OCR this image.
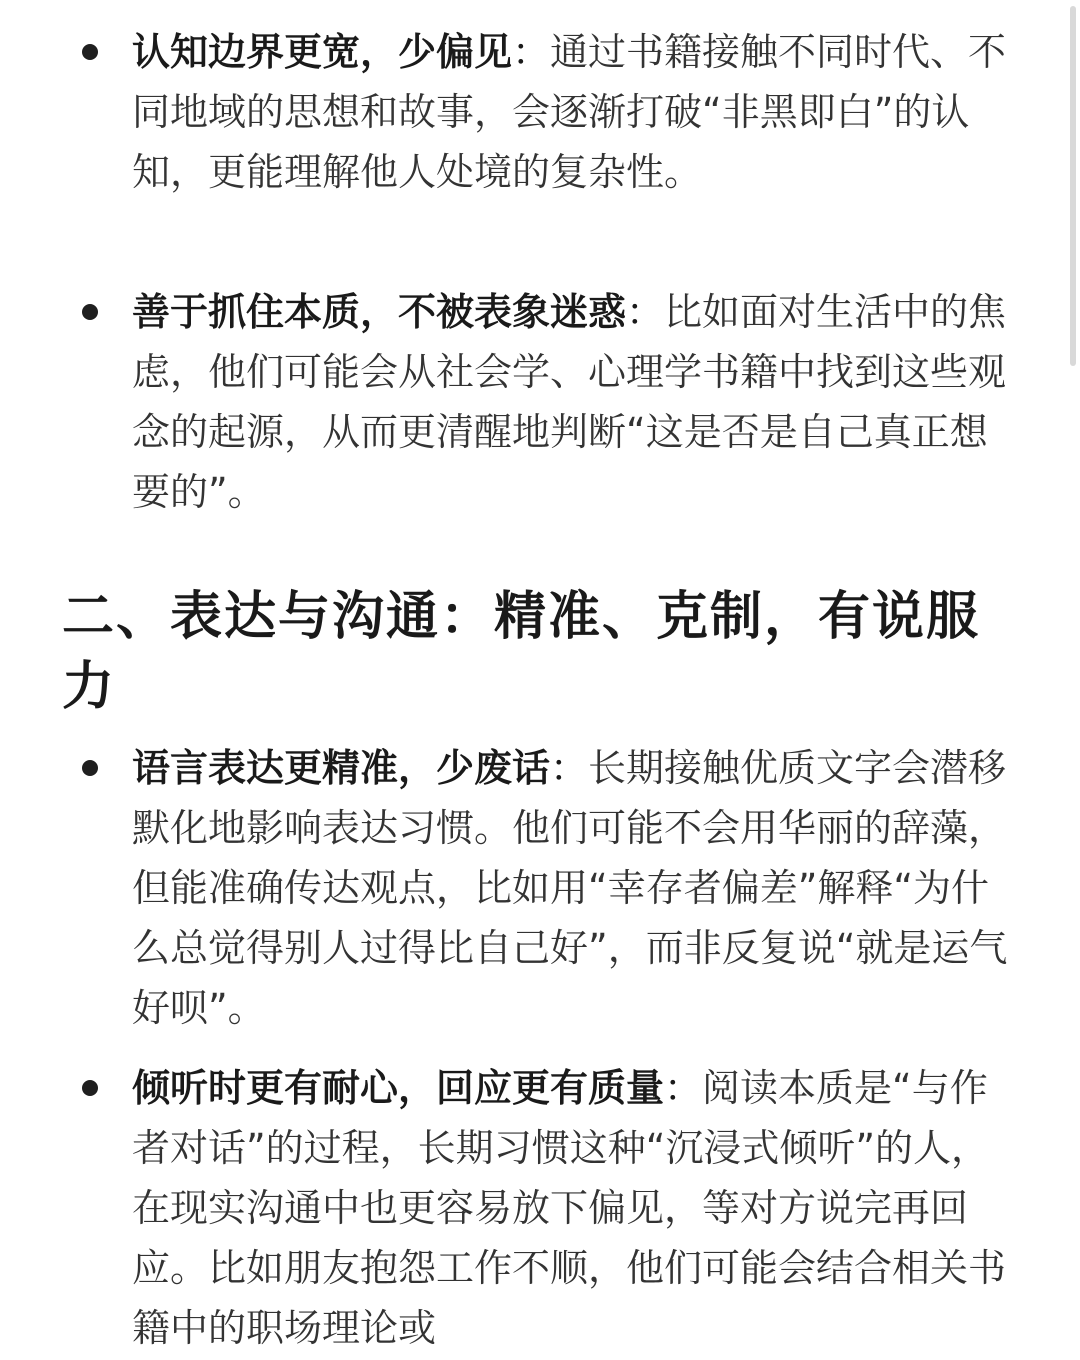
认知边界更宽，少偏见：通过书籍接触不同时代、不同地域的思想和故事，会逐渐打破“非黑即白”的认知，更能理解他人处境的复杂性。
善于抓住本质，不被表象迷惑：比如面对生活中的焦虑，他们可能会从社会学、心理学书籍中找到这些观念的起源，从而更清醒地判断“这是否是自己真正想要的”。
二、表达与沟通：精准、克制，有说服力
语言表达更精准，少废话：长期接触优质文字会潜移默化地影响表达习惯。他们可能不会用华丽的辞藻，但能准确传达观点，比如用“幸存者偏差”解释“为什么总觉得别人过得比自己好”，而非反复说“就是运气好呗”。
倾听时更有耐心，回应更有质量：阅读本质是“与作者对话”的过程，长期习惯这种“沉浸式倾听”的人，在现实沟通中也更容易放下偏见，等对方说完再回应。比如朋友抱怨工作不顺，他们可能会结合相关书籍中的职场理论或
